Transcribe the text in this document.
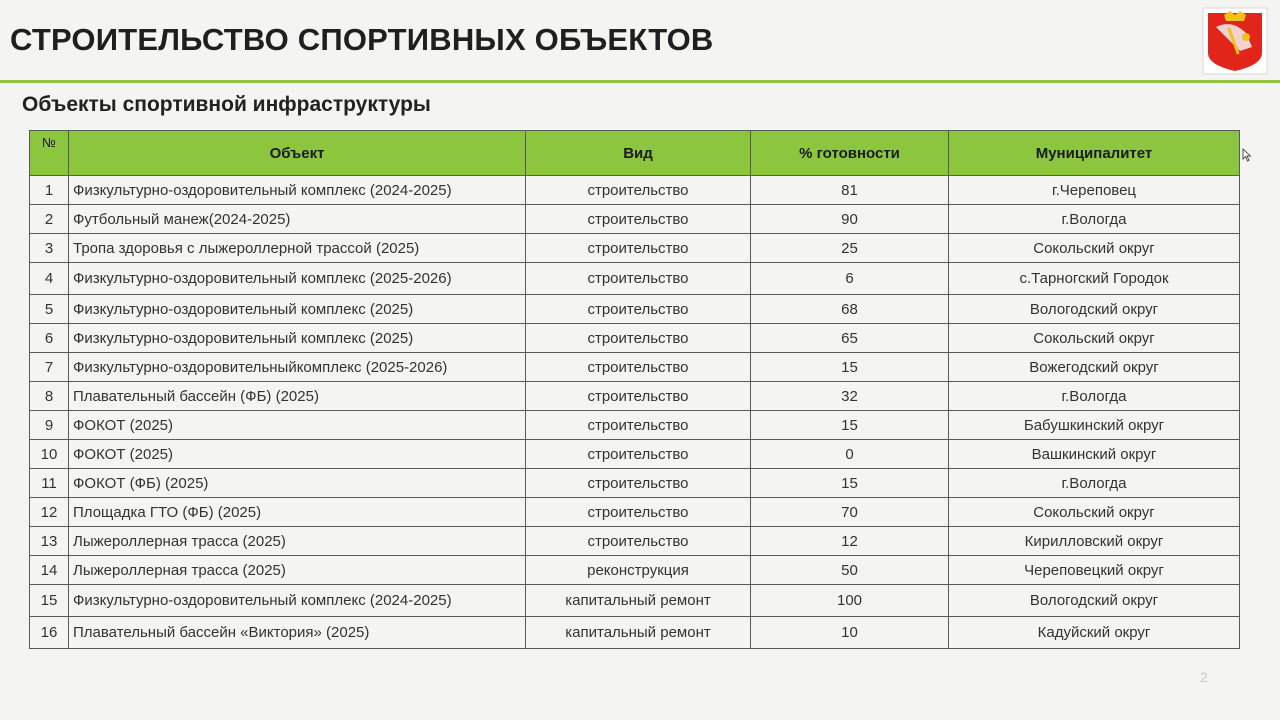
СТРОИТЕЛЬСТВО СПОРТИВНЫХ ОБЪЕКТОВ
Объекты спортивной инфраструктуры
№	Объект	Вид	% готовности	Муниципалитет
1	Физкультурно-оздоровительный комплекс (2024-2025)	строительство	81	г.Череповец
2	Футбольный манеж(2024-2025)	строительство	90	г.Вологда
3	Тропа здоровья с лыжероллерной трассой (2025)	строительство	25	Сокольский округ
4	Физкультурно-оздоровительный комплекс (2025-2026)	строительство	6	с.Тарногский Городок
5	Физкультурно-оздоровительный комплекс (2025)	строительство	68	Вологодский округ
6	Физкультурно-оздоровительный комплекс (2025)	строительство	65	Сокольский округ
7	Физкультурно-оздоровительныйкомплекс (2025-2026)	строительство	15	Вожегодский округ
8	Плавательный бассейн (ФБ) (2025)	строительство	32	г.Вологда
9	ФОКОТ (2025)	строительство	15	Бабушкинский округ
10	ФОКОТ (2025)	строительство	0	Вашкинский округ
11	ФОКОТ (ФБ) (2025)	строительство	15	г.Вологда
12	Площадка ГТО (ФБ) (2025)	строительство	70	Сокольский округ
13	Лыжероллерная трасса (2025)	строительство	12	Кирилловский округ
14	Лыжероллерная трасса (2025)	реконструкция	50	Череповецкий округ
15	Физкультурно-оздоровительный комплекс (2024-2025)	капитальный ремонт	100	Вологодский округ
16	Плавательный бассейн «Виктория» (2025)	капитальный ремонт	10	Кадуйский округ
2
